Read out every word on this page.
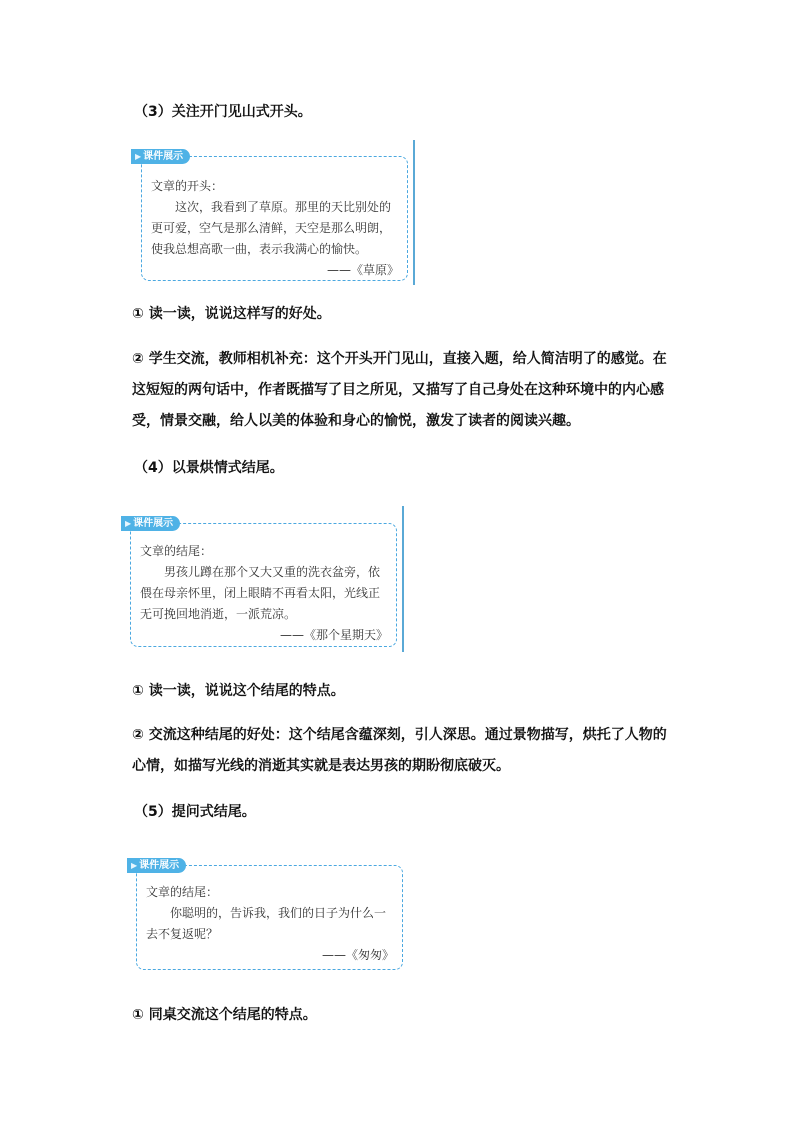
（3）关注开门见山式开头。
▶ 课件展示
文章的开头：
这次，我看到了草原。那里的天比别处的更可爱，空气是那么清鲜，天空是那么明朗，使我总想高歌一曲，表示我满心的愉快。
——《草原》
① 读一读，说说这样写的好处。
② 学生交流，教师相机补充：这个开头开门见山，直接入题，给人简洁明了的感觉。在这短短的两句话中，作者既描写了目之所见，又描写了自己身处在这种环境中的内心感受，情景交融，给人以美的体验和身心的愉悦，激发了读者的阅读兴趣。
（4）以景烘情式结尾。
▶ 课件展示
文章的结尾：
男孩儿蹲在那个又大又重的洗衣盆旁，依偎在母亲怀里，闭上眼睛不再看太阳，光线正无可挽回地消逝，一派荒凉。
——《那个星期天》
① 读一读，说说这个结尾的特点。
② 交流这种结尾的好处：这个结尾含蕴深刻，引人深思。通过景物描写，烘托了人物的心情，如描写光线的消逝其实就是表达男孩的期盼彻底破灭。
（5）提问式结尾。
▶ 课件展示
文章的结尾：
你聪明的，告诉我，我们的日子为什么一去不复返呢？
——《匆匆》
① 同桌交流这个结尾的特点。
